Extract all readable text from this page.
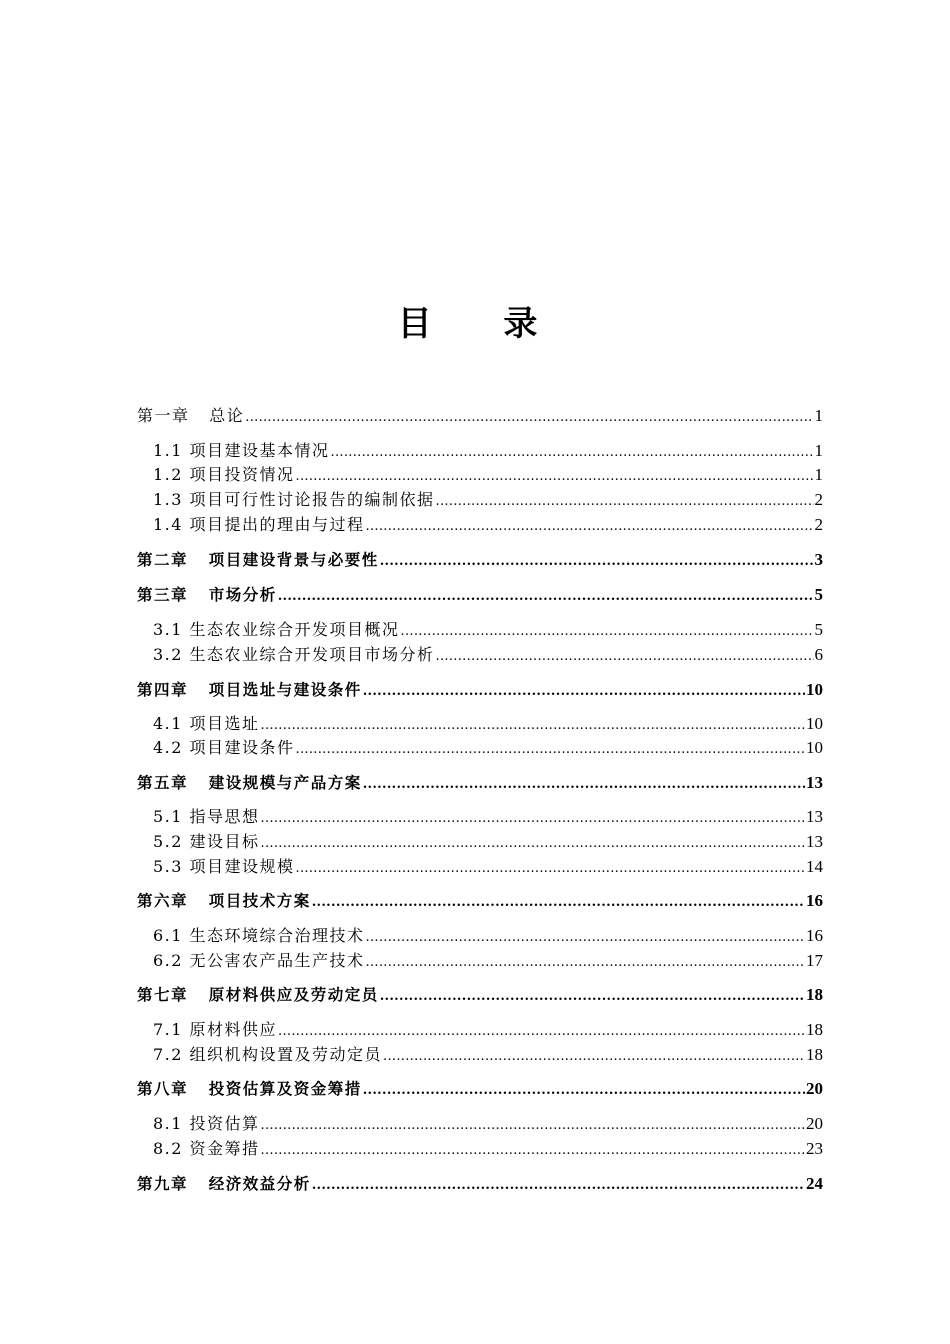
目 录
第一章   总论 .....	1
1.1 项目建设基本情况 .....	1
1.2 项目投资情况 .....	1
1.3 项目可行性讨论报告的编制依据 .....	2
1.4 项目提出的理由与过程 .....	2
第二章   项目建设背景与必要性 .....	3
第三章   市场分析 .....	5
3.1 生态农业综合开发项目概况 .....	5
3.2 生态农业综合开发项目市场分析 .....	6
第四章   项目选址与建设条件 .....	10
4.1 项目选址 .....	10
4.2 项目建设条件 .....	10
第五章   建设规模与产品方案 .....	13
5.1 指导思想 .....	13
5.2 建设目标 .....	13
5.3 项目建设规模 .....	14
第六章   项目技术方案 .....	16
6.1 生态环境综合治理技术 .....	16
6.2 无公害农产品生产技术 .....	17
第七章   原材料供应及劳动定员 .....	18
7.1 原材料供应 .....	18
7.2 组织机构设置及劳动定员 .....	18
第八章   投资估算及资金筹措 .....	20
8.1 投资估算 .....	20
8.2 资金筹措 .....	23
第九章   经济效益分析 .....	24
